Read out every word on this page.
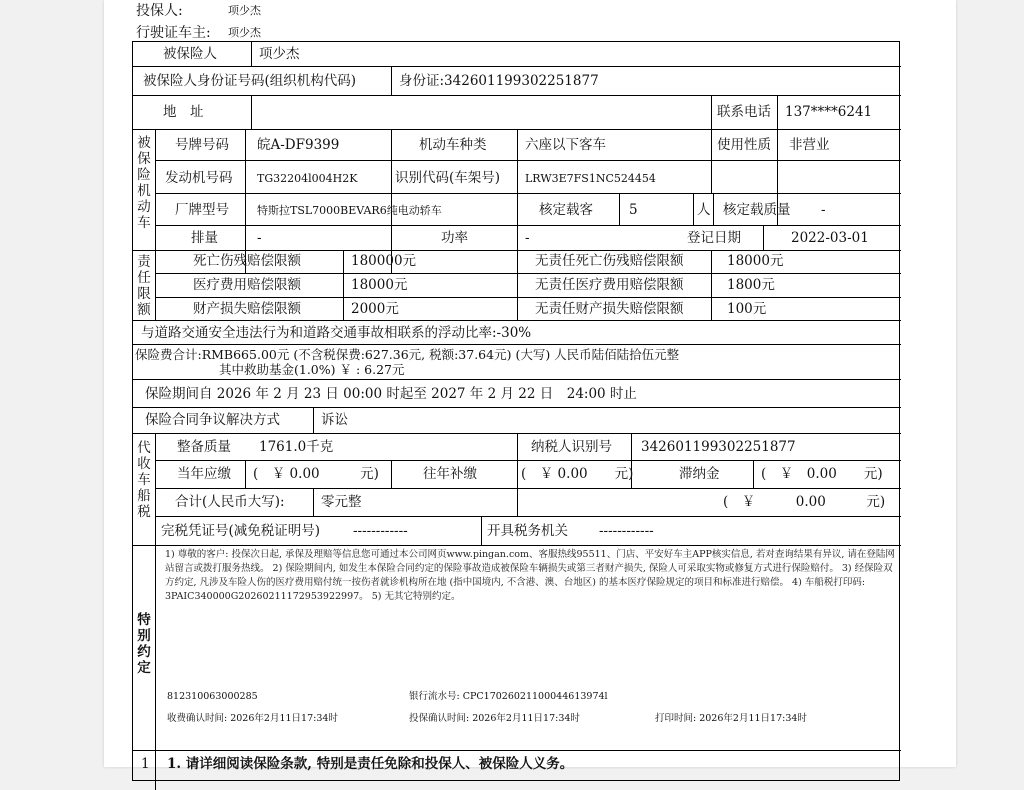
投保人:	项少杰
行驶证车主: 项少杰
被保险人	项少杰
被保险人身份证号码(组织机构代码)	身份证:342601199302251877
地　址	联系电话 137****6241
被保险机动车
号牌号码 皖A-DF9399	机动车种类	六座以下客车	使用性质 非营业
发动机号码 TG32204l004H2K	识别代码(车架号) LRW3E7FS1NC524454
厂牌型号	特斯拉TSL7000BEVAR6纯电动轿车	核定载客	5	人 核定载质量 -
排量	-	功率	-	登记日期	2022-03-01
责任限额
死亡伤残赔偿限额	180000元	无责任死亡伤残赔偿限额	18000元
医疗费用赔偿限额	18000元	无责任医疗费用赔偿限额	1800元
财产损失赔偿限额	2000元	无责任财产损失赔偿限额	100元
与道路交通安全违法行为和道路交通事故相联系的浮动比率:-30%
保险费合计:RMB665.00元 (不含税保费:627.36元, 税额:37.64元) (大写) 人民币陆佰陆拾伍元整
其中救助基金(1.0%) ￥ : 6.27元
保险期间自 2026 年 2 月 23 日 00:00 时起至 2027 年 2 月 22 日　24:00 时止
保险合同争议解决方式	诉讼
代收车船税
整备质量 1761.0千克	纳税人识别号 342601199302251877
当年应缴 (　￥ 0.00　　　元)	往年补缴	(　￥ 0.00　　元)	滞纳金	(　￥　0.00　　元)
合计(人民币大写):	零元整	(　￥　　　0.00　　　元)
完税凭证号(减免税证明号) ------------	开具税务机关 ------------
特别约定
1) 尊敬的客户: 投保次日起, 承保及理赔等信息您可通过本公司网页www.pingan.com、客服热线95511、门店、平安好车主APP核实信息, 若对查询结果有异议, 请在登陆网站留言或拨打服务热线。 2) 保险期间内, 如发生本保险合同约定的保险事故造成被保险车辆损失或第三者财产损失, 保险人可采取实物或修复方式进行保险赔付。 3) 经保险双方约定, 凡涉及车险人伤的医疗费用赔付统一按伤者就诊机构所在地 (指中国境内, 不含港、澳、台地区) 的基本医疗保险规定的项目和标准进行赔偿。 4) 车船税打印码: 3PAIC340000G20260211172953922997。 5) 无其它特别约定。
812310063000285	银行流水号: CPC17026021100044613974l
收费确认时间: 2026年2月11日17:34时	投保确认时间: 2026年2月11日17:34时	打印时间: 2026年2月11日17:34时
1 1. 请详细阅读保险条款, 特别是责任免除和投保人、被保险人义务。
